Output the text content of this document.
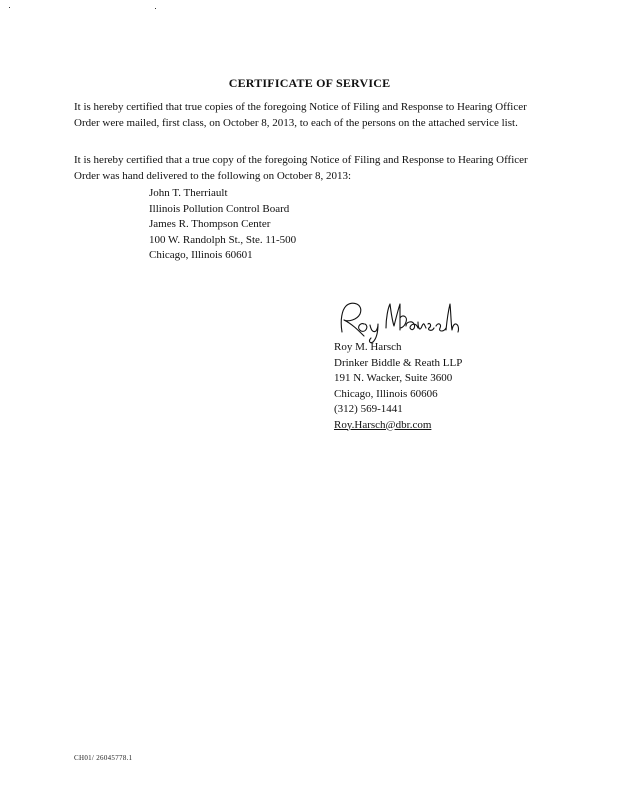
CERTIFICATE OF SERVICE
It is hereby certified that true copies of the foregoing Notice of Filing and Response to Hearing Officer Order were mailed, first class, on October 8, 2013, to each of the persons on the attached service list.
It is hereby certified that a true copy of the foregoing Notice of Filing and Response to Hearing Officer Order was hand delivered to the following on October 8, 2013:
John T. Therriault
Illinois Pollution Control Board
James R. Thompson Center
100 W. Randolph St., Ste. 11-500
Chicago, Illinois 60601
Roy M. Harsch
Drinker Biddle & Reath LLP
191 N. Wacker, Suite 3600
Chicago, Illinois 60606
(312) 569-1441
Roy.Harsch@dbr.com
CH01/ 26045778.1
